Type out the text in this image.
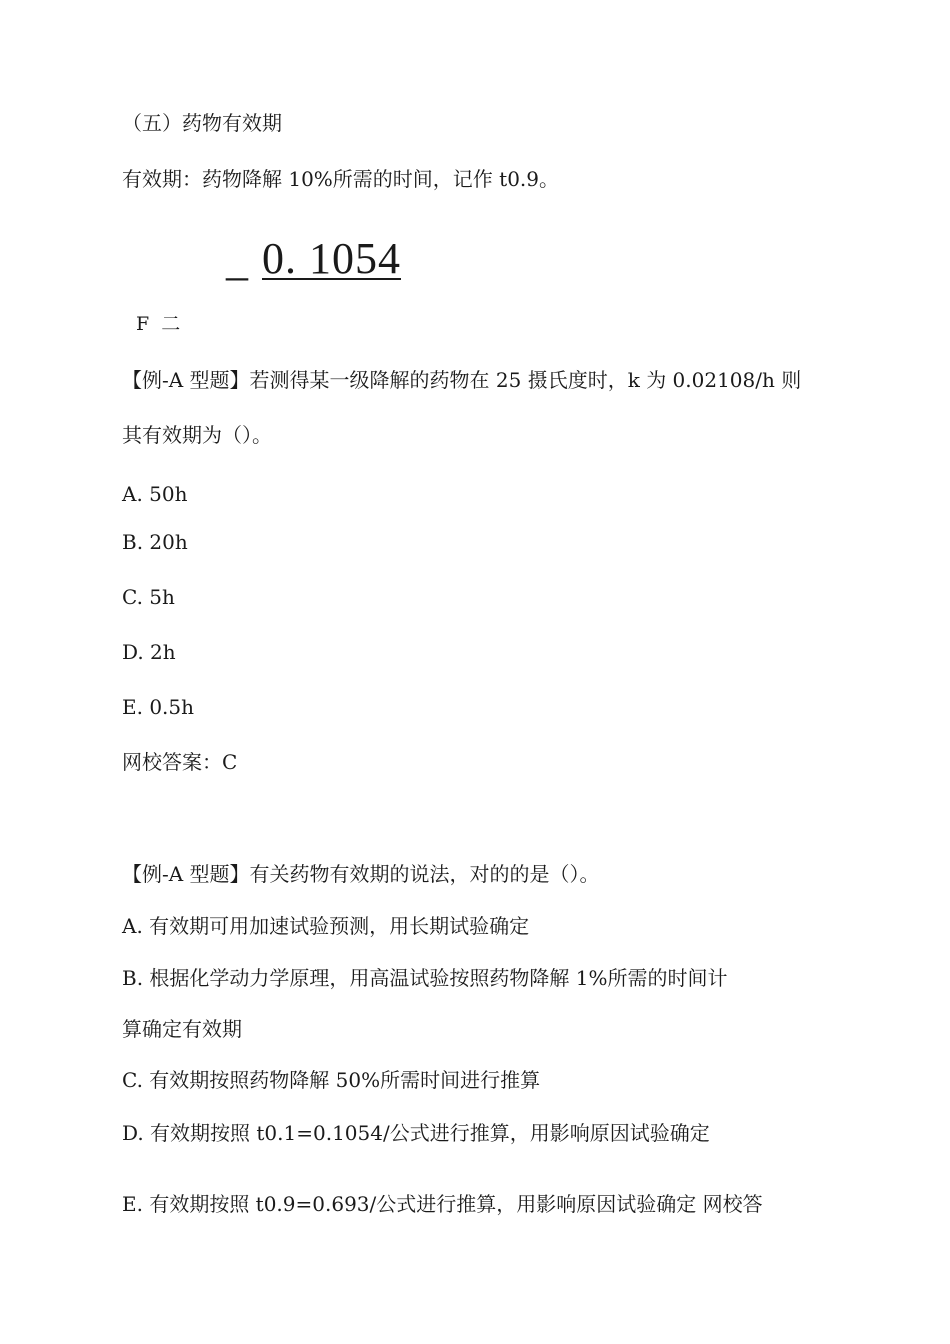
（五）药物有效期
有效期：药物降解 10%所需的时间，记作 t0.9。
_ 0. 1054
F  二
【例-A 型题】若测得某一级降解的药物在 25 摄氏度时，k 为 0.02108/h 则
其有效期为（）。
A. 50h
B. 20h
C. 5h
D. 2h
E. 0.5h
网校答案：C
【例-A 型题】有关药物有效期的说法，对的的是（）。
A. 有效期可用加速试验预测，用长期试验确定
B. 根据化学动力学原理，用高温试验按照药物降解 1%所需的时间计
算确定有效期
C. 有效期按照药物降解 50%所需时间进行推算
D. 有效期按照 t0.1=0.1054/公式进行推算，用影响原因试验确定
E. 有效期按照 t0.9=0.693/公式进行推算，用影响原因试验确定 网校答
